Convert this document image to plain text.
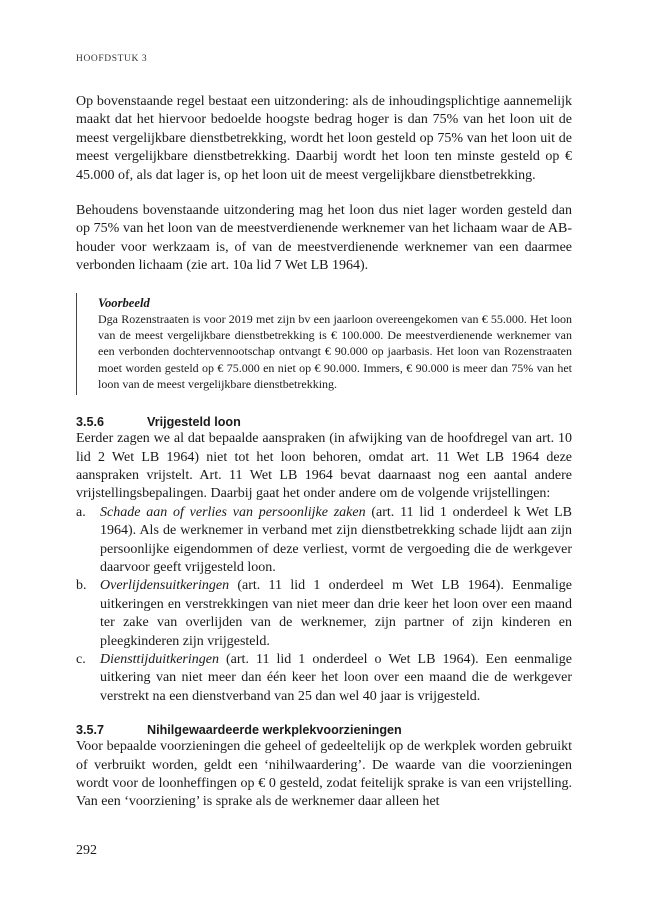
HOOFDSTUK 3

Op bovenstaande regel bestaat een uitzondering: als de inhoudingsplichtige aannemelijk maakt dat het hiervoor bedoelde hoogste bedrag hoger is dan 75% van het loon uit de meest vergelijkbare dienstbetrekking, wordt het loon gesteld op 75% van het loon uit de meest vergelijkbare dienstbetrekking. Daarbij wordt het loon ten minste gesteld op € 45.000 of, als dat lager is, op het loon uit de meest vergelijkbare dienstbetrekking.

Behoudens bovenstaande uitzondering mag het loon dus niet lager worden gesteld dan op 75% van het loon van de meestverdienende werknemer van het lichaam waar de AB-houder voor werkzaam is, of van de meestverdienende werknemer van een daarmee verbonden lichaam (zie art. 10a lid 7 Wet LB 1964).

Voorbeeld

Dga Rozenstraaten is voor 2019 met zijn bv een jaarloon overeengekomen van € 55.000. Het loon van de meest vergelijkbare dienstbetrekking is € 100.000. De meestverdienende werknemer van een verbonden dochtervennootschap ontvangt € 90.000 op jaarbasis. Het loon van Rozenstraaten moet worden gesteld op € 75.000 en niet op € 90.000. Immers, € 90.000 is meer dan 75% van het loon van de meest vergelijkbare dienstbetrekking.

3.5.6	Vrijgesteld loon

Eerder zagen we al dat bepaalde aanspraken (in afwijking van de hoofdregel van art. 10 lid 2 Wet LB 1964) niet tot het loon behoren, omdat art. 11 Wet LB 1964 deze aanspraken vrijstelt. Art. 11 Wet LB 1964 bevat daarnaast nog een aantal andere vrijstellingsbepalingen. Daarbij gaat het onder andere om de volgende vrijstellingen:

a.	Schade aan of verlies van persoonlijke zaken (art. 11 lid 1 onderdeel k Wet LB 1964). Als de werknemer in verband met zijn dienstbetrekking schade lijdt aan zijn persoonlijke eigendommen of deze verliest, vormt de vergoeding die de werkgever daarvoor geeft vrijgesteld loon.
b. Overlijdensuitkeringen (art. 11 lid 1 onderdeel m Wet LB 1964). Eenmalige uitkeringen en verstrekkingen van niet meer dan drie keer het loon over een maand ter zake van overlijden van de werknemer, zijn partner of zijn kinderen en pleegkinderen zijn vrijgesteld.
c.	Diensttijduitkeringen (art. 11 lid 1 onderdeel o Wet LB 1964). Een eenmalige uitkering van niet meer dan één keer het loon over een maand die de werkgever verstrekt na een dienstverband van 25 dan wel 40 jaar is vrijgesteld.
3.5.7	Nihilgewaardeerde werkplekvoorzieningen

Voor bepaalde voorzieningen die geheel of gedeeltelijk op de werkplek worden gebruikt of verbruikt worden, geldt een ‘nihilwaardering’. De waarde van die voorzieningen wordt voor de loonheffingen op € 0 gesteld, zodat feitelijk sprake is van een vrijstelling. Van een ‘voorziening’ is sprake als de werknemer daar alleen het

292
